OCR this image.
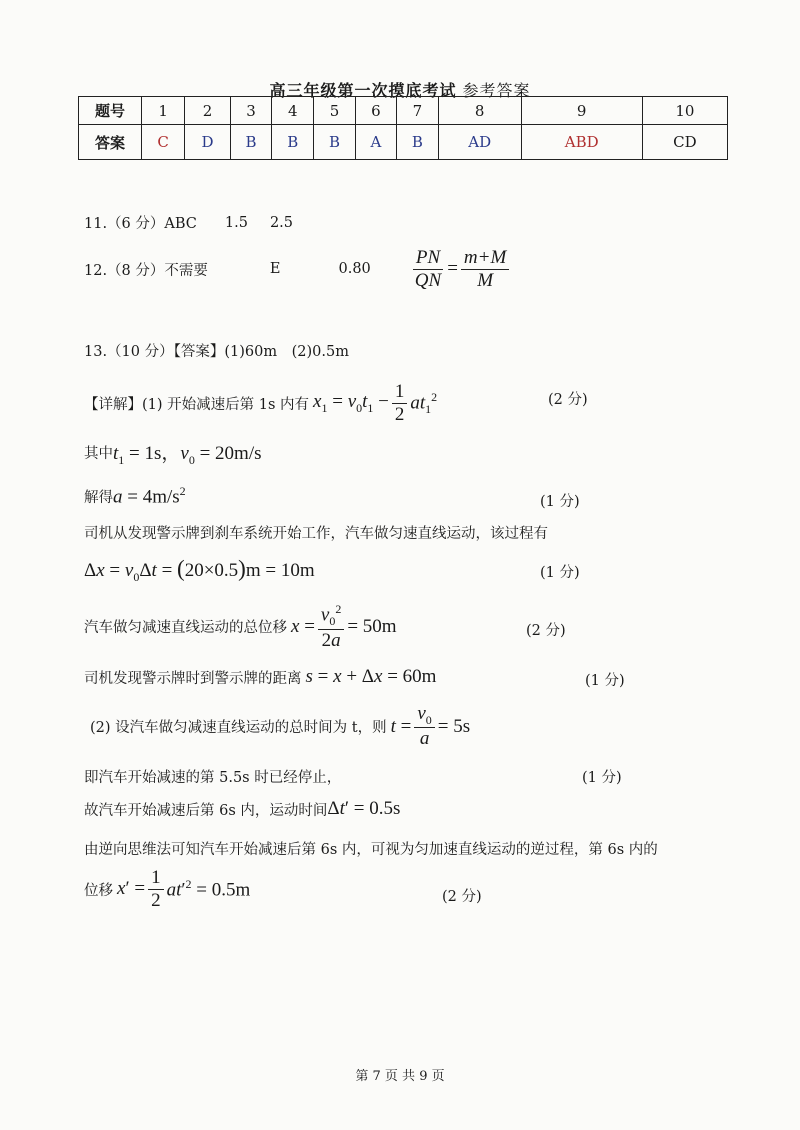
高三年级第一次摸底考试 参考答案
题号	1	2	3	4	5	6	7	8	9	10
答案	C	D	B	B	B	A	B	AD	ABD	CD
11.（6 分）ABC 1.5 2.5
12.（8 分）不需要	E	$0.80 \frac{PN}{QN} = \frac{m+M}{M}$
13.（10 分）【答案】(1)60m　(2)0.5m
【详解】(1) 开始减速后第 1s 内有 $x_1 = v_0t_1 - \frac{1}{2} at_1^2$	(2 分)
其中 $t_1 = 1s$，$v_0 = 20m/s$
解得 $a = 4m/s^2$
(1 分)
司机从发现警示牌到刹车系统开始工作，汽车做匀速直线运动，该过程有
$\Delta x = v_0\Delta t = (20\times 0.5)m = 10m$	(1 分)
汽车做匀减速直线运动的总位移 $x = \frac{v_0^2}{2a} = 50m$	(2 分)
司机发现警示牌时到警示牌的距离 s = x + Δx = 60m	(1 分)
(2) 设汽车做匀减速直线运动的总时间为 t，则 $t = \frac{v_0}{a} = 5s$
即汽车开始减速的第 5.5s 时已经停止，	(1 分)
故汽车开始减速后第 6s 内，运动时间 Δt′ = 0.5s
由逆向思维法可知汽车开始减速后第 6s 内，可视为匀加速直线运动的逆过程，第 6s 内的
位移 $x' = \frac{1}{2} at'^2 = 0.5m$	(2 分)
第 7 页 共 9 页
